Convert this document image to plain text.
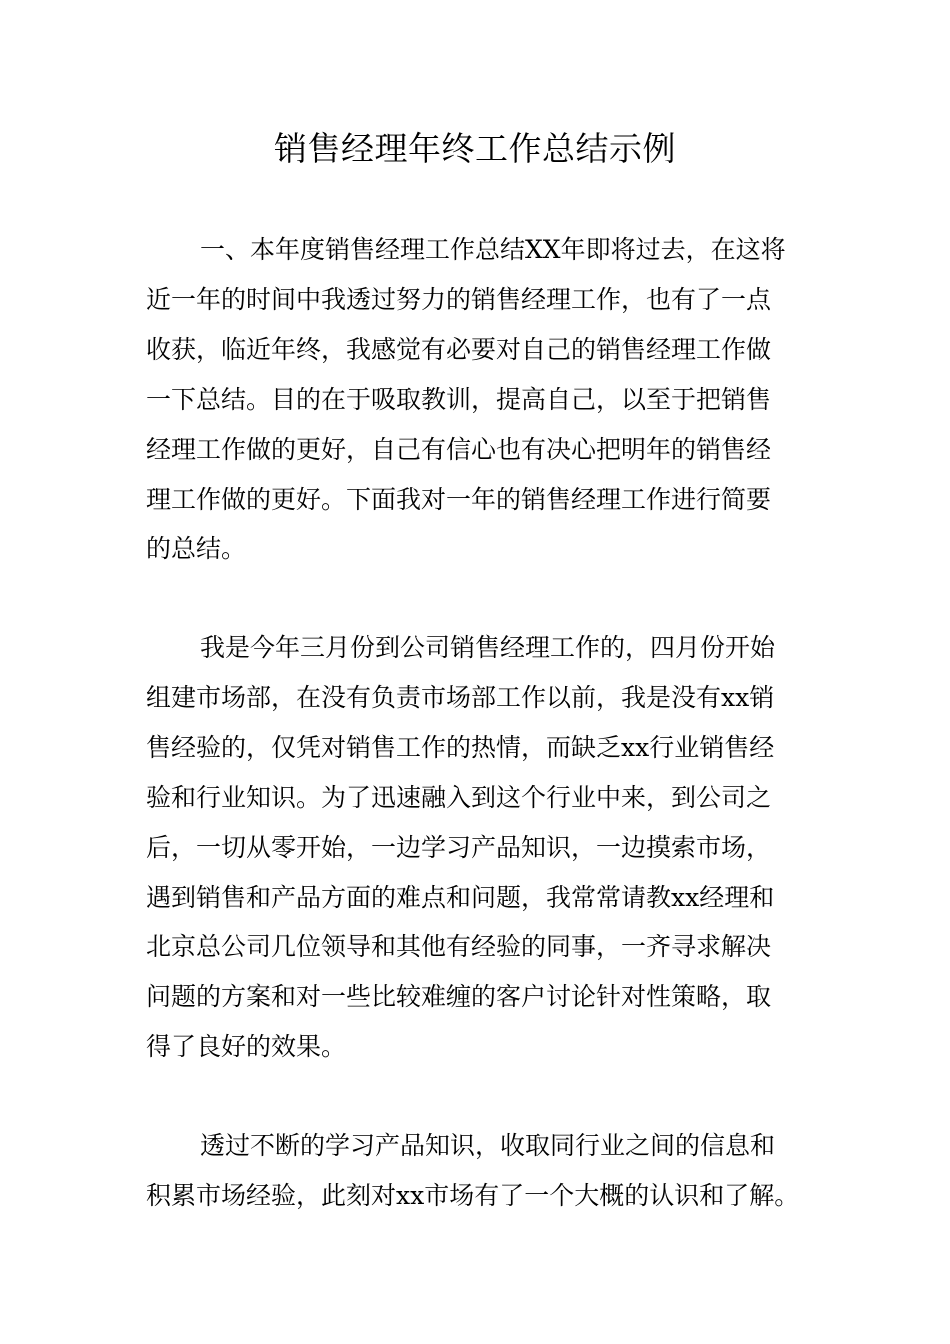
销售经理年终工作总结示例
一、本年度销售经理工作总结XX年即将过去，在这将
近一年的时间中我透过努力的销售经理工作，也有了一点
收获，临近年终，我感觉有必要对自己的销售经理工作做
一下总结。目的在于吸取教训，提高自己，以至于把销售
经理工作做的更好，自己有信心也有决心把明年的销售经
理工作做的更好。下面我对一年的销售经理工作进行简要
的总结。
我是今年三月份到公司销售经理工作的，四月份开始
组建市场部，在没有负责市场部工作以前，我是没有xx销
售经验的，仅凭对销售工作的热情，而缺乏xx行业销售经
验和行业知识。为了迅速融入到这个行业中来，到公司之
后，一切从零开始，一边学习产品知识，一边摸索市场，
遇到销售和产品方面的难点和问题，我常常请教xx经理和
北京总公司几位领导和其他有经验的同事，一齐寻求解决
问题的方案和对一些比较难缠的客户讨论针对性策略，取
得了良好的效果。
透过不断的学习产品知识，收取同行业之间的信息和
积累市场经验，此刻对xx市场有了一个大概的认识和了解。
